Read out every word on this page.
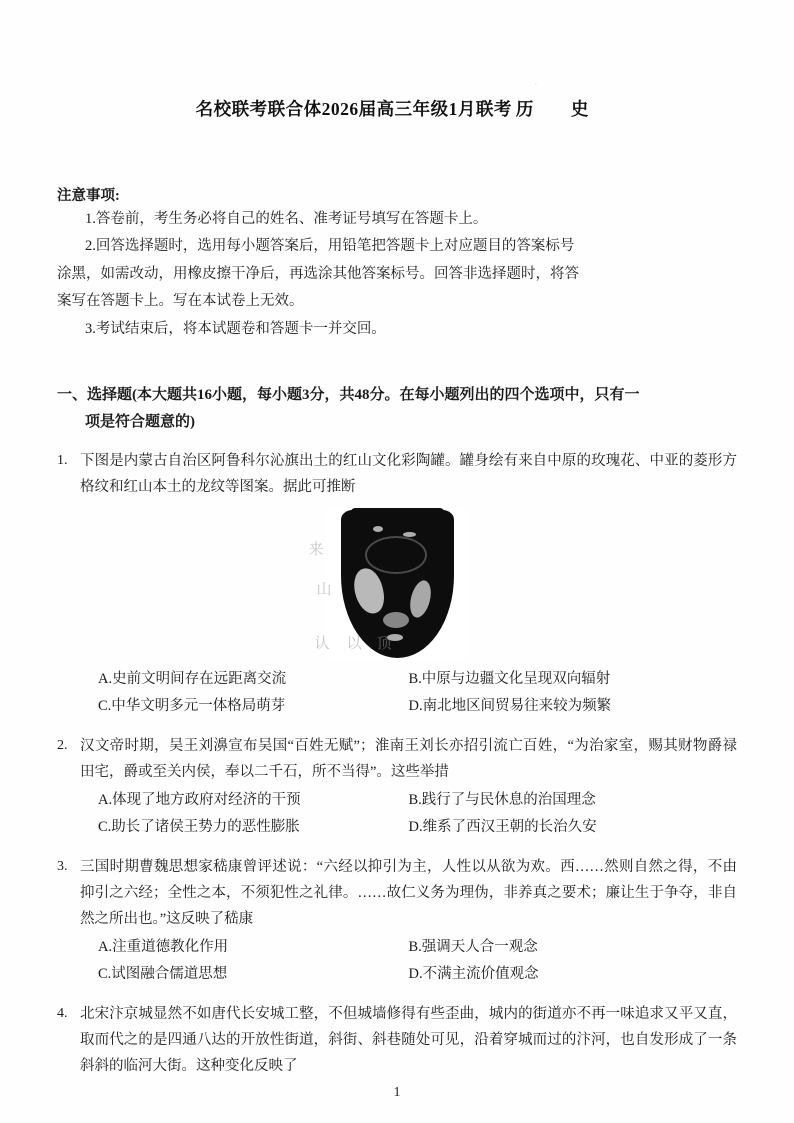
·
名校联考联合体2026届高三年级1月联考 历　史
注意事项:
1.答卷前，考生务必将自己的姓名、准考证号填写在答题卡上。
2.回答选择题时，选用每小题答案后，用铅笔把答题卡上对应题目的答案标号
涂黑，如需改动，用橡皮擦干净后，再选涂其他答案标号。回答非选择题时，将答
案写在答题卡上。写在本试卷上无效。
3.考试结束后，将本试题卷和答题卡一并交回。
一、选择题(本大题共16小题，每小题3分，共48分。在每小题列出的四个选项中，只有一
项是符合题意的)
1. 下图是内蒙古自治区阿鲁科尔沁旗出土的红山文化彩陶罐。罐身绘有来自中原的玫瑰花、中亚的菱形方格纹和红山本土的龙纹等图案。据此可推断
来
山
认 以 顶
A.史前文明间存在远距离交流	B.中原与边疆文化呈现双向辐射
C.中华文明多元一体格局萌芽	D.南北地区间贸易往来较为频繁
2. 汉文帝时期，吴王刘濞宣布吴国“百姓无赋”；淮南王刘长亦招引流亡百姓，“为治家室，赐其财物爵禄田宅，爵或至关内侯，奉以二千石，所不当得”。这些举措
A.体现了地方政府对经济的干预	B.践行了与民休息的治国理念
C.助长了诸侯王势力的恶性膨胀	D.维系了西汉王朝的长治久安
3. 三国时期曹魏思想家嵇康曾评述说：“六经以抑引为主，人性以从欲为欢。西……然则自然之得，不由抑引之六经；全性之本，不须犯性之礼律。……故仁义务为理伪，非养真之要术；廉让生于争夺，非自然之所出也。”这反映了嵇康
A.注重道德教化作用	B.强调天人合一观念
C.试图融合儒道思想	D.不满主流价值观念
4. 北宋汴京城显然不如唐代长安城工整，不但城墙修得有些歪曲，城内的街道亦不再一味追求又平又直，取而代之的是四通八达的开放性街道，斜街、斜巷随处可见，沿着穿城而过的汴河，也自发形成了一条斜斜的临河大街。这种变化反映了
1
